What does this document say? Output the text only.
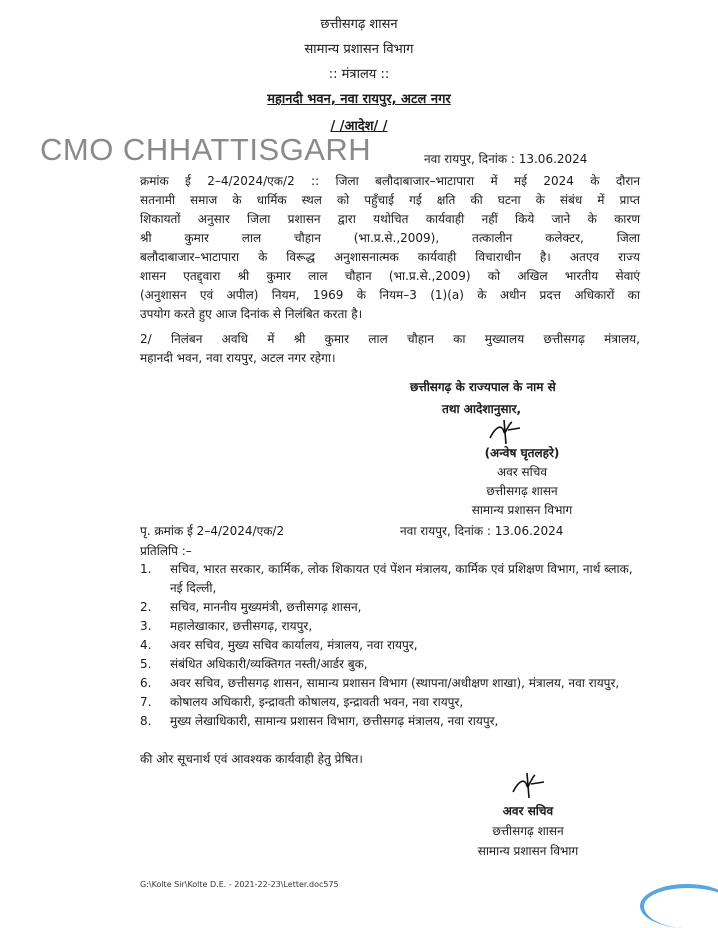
छत्तीसगढ़ शासन
सामान्य प्रशासन विभाग
:: मंत्रालय ::
महानदी भवन, नवा रायपुर, अटल नगर
/ /आदेश/ /
CMO CHHATTISGARH	नवा रायपुर, दिनांक : 13.06.2024
क्रमांक ई 2–4/2024/एक/2 :: जिला बलौदाबाजार–भाटापारा में मई 2024 के दौरान
सतनामी समाज के धार्मिक स्थल को पहुँचाई गई क्षति की घटना के संबंध में प्राप्त
शिकायतों अनुसार जिला प्रशासन द्वारा यथोचित कार्यवाही नहीं किये जाने के कारण
श्री कुमार लाल चौहान (भा.प्र.से.,2009), तत्कालीन कलेक्टर, जिला
बलौदाबाजार–भाटापारा के विरूद्ध अनुशासनात्मक कार्यवाही विचाराधीन है। अतएव राज्य
शासन एतद्द्वारा श्री कुमार लाल चौहान (भा.प्र.से.,2009) को अखिल भारतीय सेवाएं
(अनुशासन एवं अपील) नियम, 1969 के नियम–3 (1)(a) के अधीन प्रदत्त अधिकारों का
उपयोग करते हुए आज दिनांक से निलंबित करता है।
2/ निलंबन अवधि में श्री कुमार लाल चौहान का मुख्यालय छत्तीसगढ़ मंत्रालय,
महानदी भवन, नवा रायपुर, अटल नगर रहेगा।
छत्तीसगढ़ के राज्यपाल के नाम से
तथा आदेशानुसार,
(अन्वेष घृतलहरे)
अवर सचिव
छत्तीसगढ़ शासन
सामान्य प्रशासन विभाग
पृ. क्रमांक ई 2–4/2024/एक/2	नवा रायपुर, दिनांक : 13.06.2024
प्रतिलिपि :–
1. सचिव, भारत सरकार, कार्मिक, लोक शिकायत एवं पेंशन मंत्रालय, कार्मिक एवं प्रशिक्षण विभाग, नार्थ ब्लाक, नई दिल्ली,
2. सचिव, माननीय मुख्यमंत्री, छत्तीसगढ़ शासन,
3. महालेखाकार, छत्तीसगढ़, रायपुर,
4. अवर सचिव, मुख्य सचिव कार्यालय, मंत्रालय, नवा रायपुर,
5. संबंधित अधिकारी/व्यक्तिगत नस्ती/आर्डर बुक,
6. अवर सचिव, छत्तीसगढ़ शासन, सामान्य प्रशासन विभाग (स्थापना/अधीक्षण शाखा), मंत्रालय, नवा रायपुर,
7. कोषालय अधिकारी, इन्द्रावती कोषालय, इन्द्रावती भवन, नवा रायपुर,
8. मुख्य लेखाधिकारी, सामान्य प्रशासन विभाग, छत्तीसगढ़ मंत्रालय, नवा रायपुर,
की ओर सूचनार्थ एवं आवश्यक कार्यवाही हेतु प्रेषित।
अवर सचिव
छत्तीसगढ़ शासन
सामान्य प्रशासन विभाग
G:\Kolte Sir\Kolte D.E. - 2021-22-23\Letter.doc575
